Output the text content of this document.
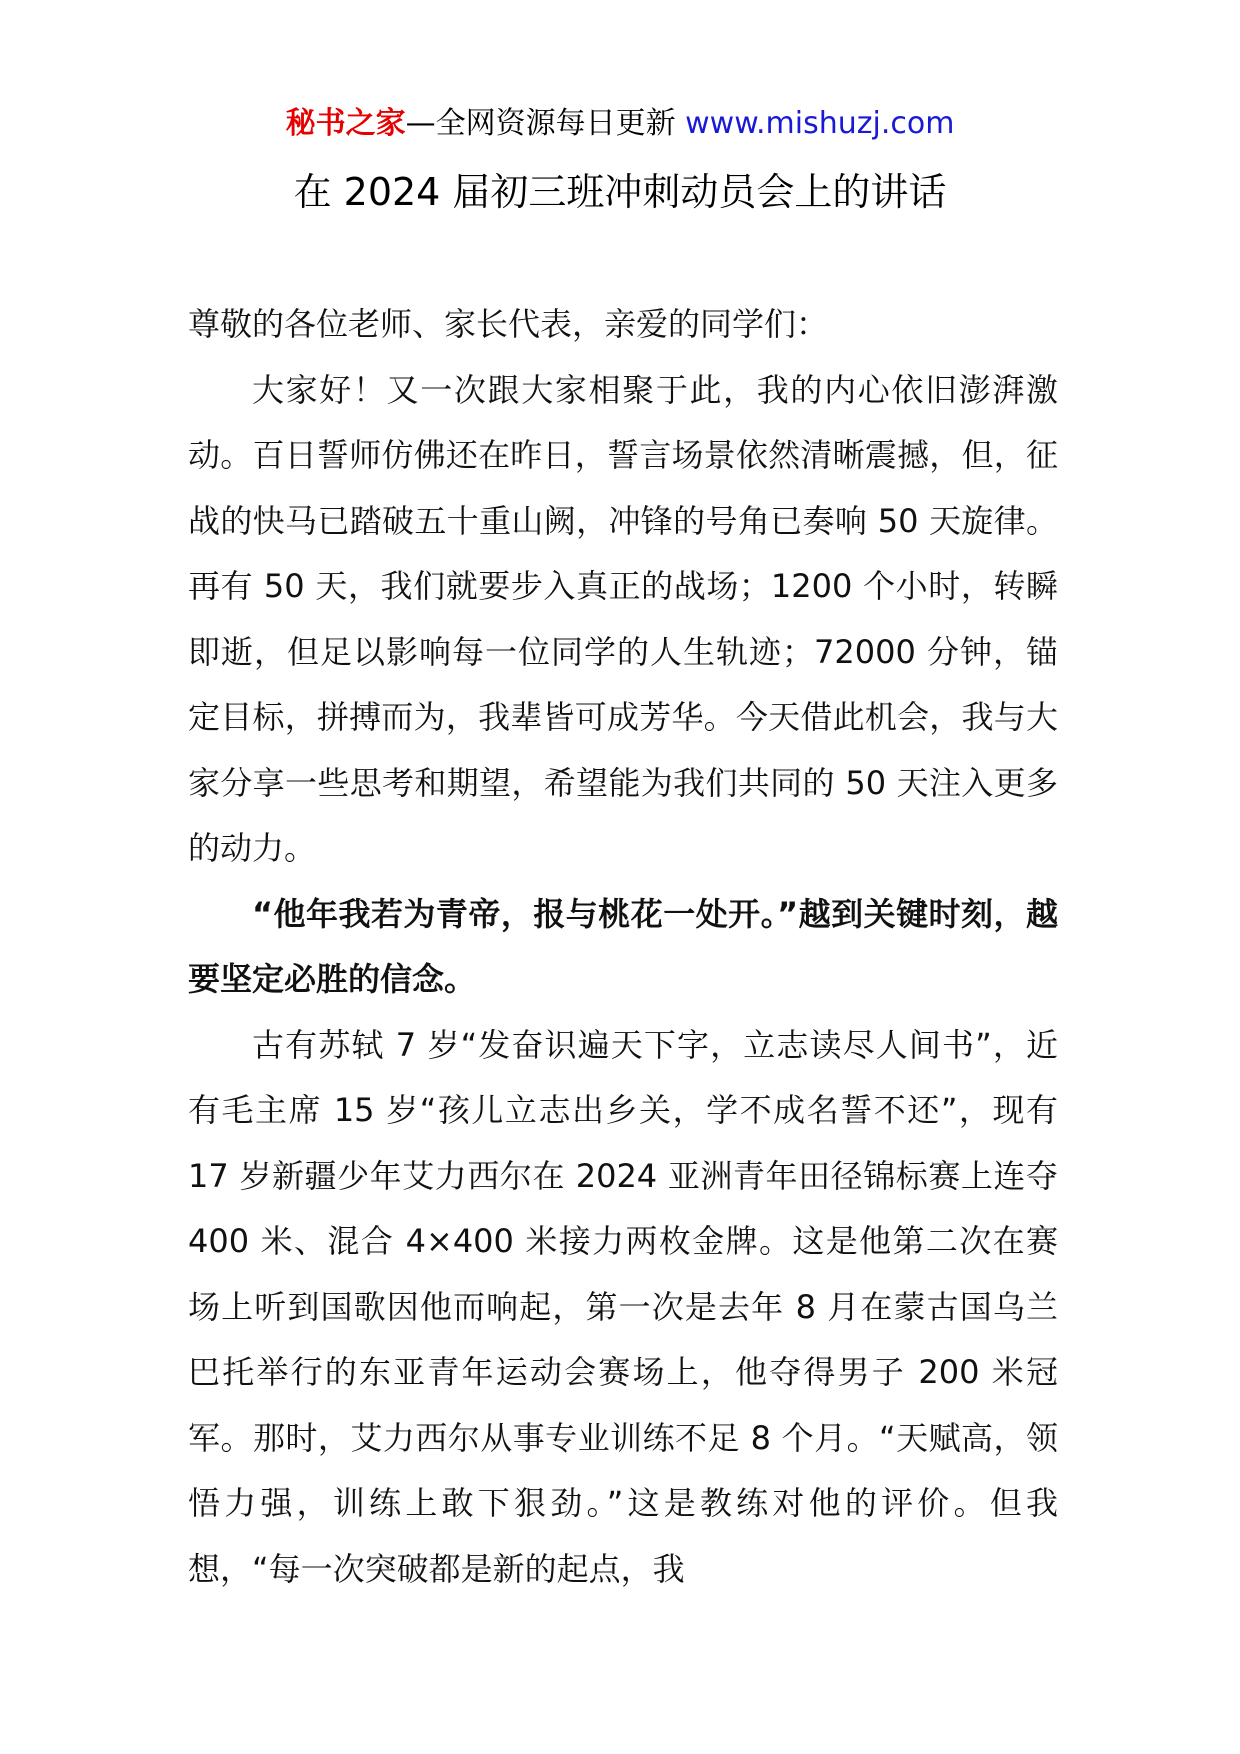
秘书之家—全网资源每日更新 www.mishuzj.com
在 2024 届初三班冲刺动员会上的讲话

尊敬的各位老师、家长代表，亲爱的同学们：

大家好！又一次跟大家相聚于此，我的内心依旧澎湃激动。百日誓师仿佛还在昨日，誓言场景依然清晰震撼，但，征战的快马已踏破五十重山阙，冲锋的号角已奏响 50 天旋律。再有 50 天，我们就要步入真正的战场；1200 个小时，转瞬即逝，但足以影响每一位同学的人生轨迹；72000 分钟，锚定目标，拼搏而为，我辈皆可成芳华。今天借此机会，我与大家分享一些思考和期望，希望能为我们共同的 50 天注入更多的动力。

“他年我若为青帝，报与桃花一处开。”越到关键时刻，越要坚定必胜的信念。

古有苏轼 7 岁“发奋识遍天下字，立志读尽人间书”，近有毛主席 15 岁“孩儿立志出乡关，学不成名誓不还”，现有 17 岁新疆少年艾力西尔在 2024 亚洲青年田径锦标赛上连夺 400 米、混合 4×400 米接力两枚金牌。这是他第二次在赛场上听到国歌因他而响起，第一次是去年 8 月在蒙古国乌兰巴托举行的东亚青年运动会赛场上，他夺得男子 200 米冠军。那时，艾力西尔从事专业训练不足 8 个月。“天赋高，领悟力强，训练上敢下狠劲。”这是教练对他的评价。但我想，“每一次突破都是新的起点，我
